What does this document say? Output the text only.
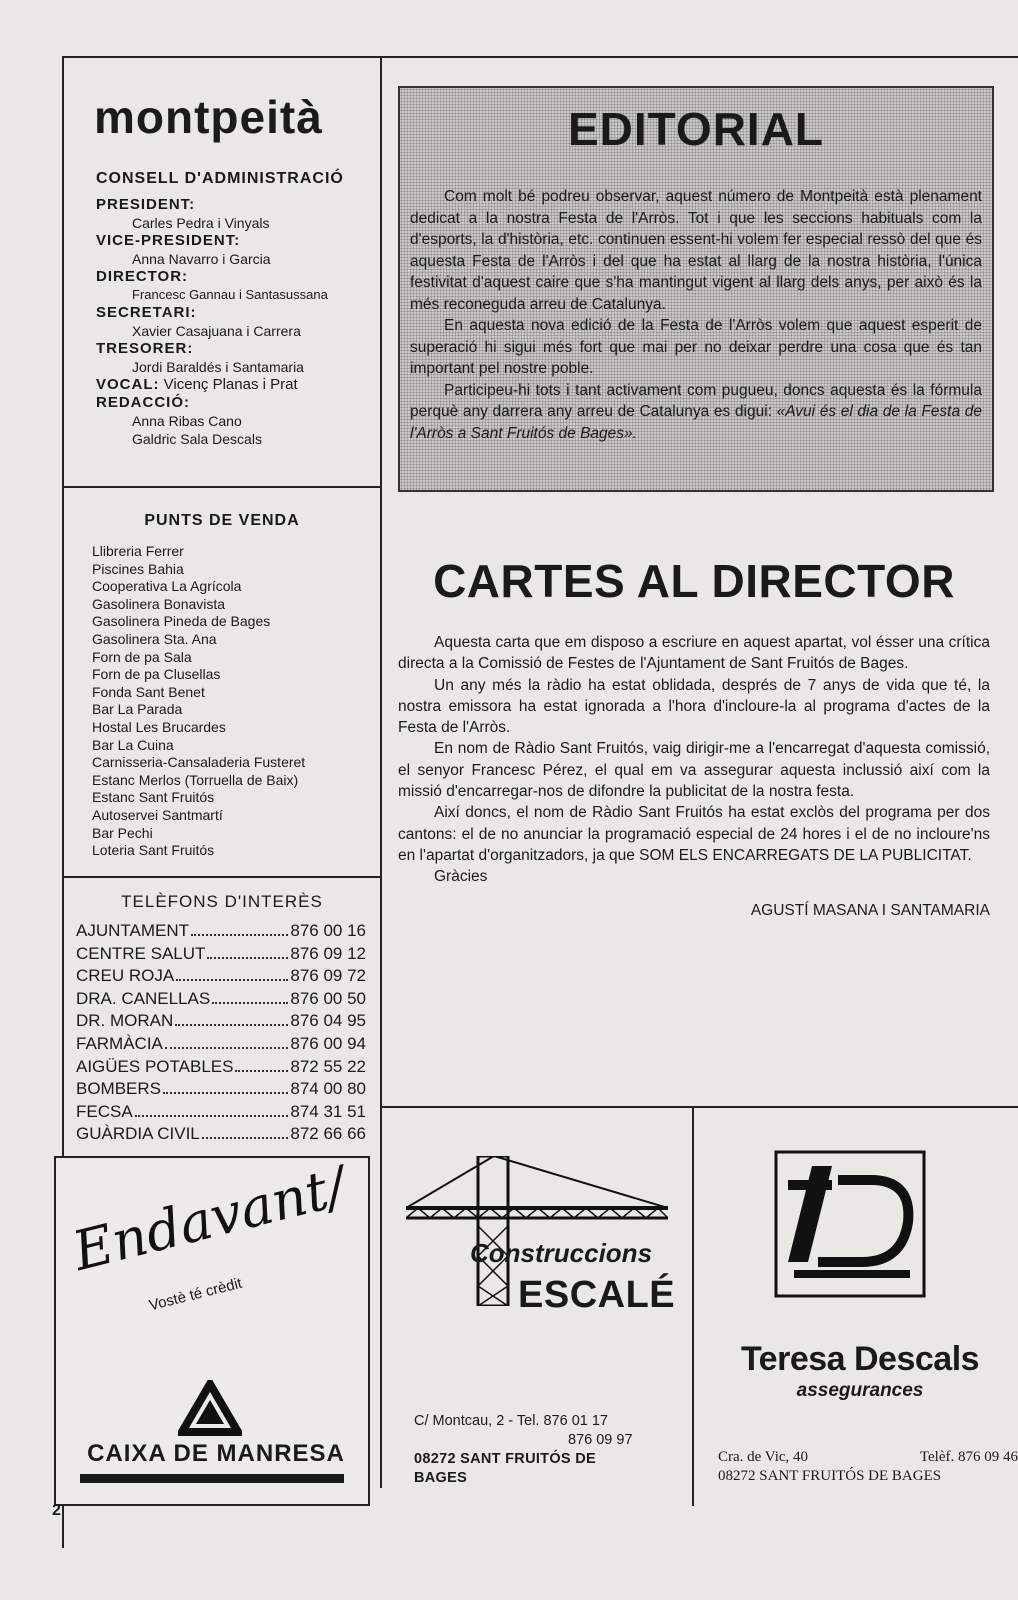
montpeità
CONSELL D'ADMINISTRACIÓ
PRESIDENT:
Carles Pedra i Vinyals
VICE-PRESIDENT:
Anna Navarro i Garcia
DIRECTOR:
Francesc Gannau i Santasussana
SECRETARI:
Xavier Casajuana i Carrera
TRESORER:
Jordi Baraldés i Santamaria
VOCAL: Vicenç Planas i Prat
REDACCIÓ:
Anna Ribas Cano
Galdric Sala Descals
PUNTS DE VENDA
Llibreria Ferrer
Piscines Bahia
Cooperativa La Agrícola
Gasolinera Bonavista
Gasolinera Pineda de Bages
Gasolinera Sta. Ana
Forn de pa Sala
Forn de pa Clusellas
Fonda Sant Benet
Bar La Parada
Hostal Les Brucardes
Bar La Cuina
Carnisseria-Cansaladeria Fusteret
Estanc Merlos (Torruella de Baix)
Estanc Sant Fruitós
Autoservei Santmartí
Bar Pechi
Loteria Sant Fruitós
TELÈFONS D'INTERÈS
AJUNTAMENT	876 00 16
CENTRE SALUT	876 09 12
CREU ROJA	876 09 72
DRA. CANELLAS	876 00 50
DR. MORAN	876 04 95
FARMÀCIA	876 00 94
AIGÜES POTABLES	872 55 22
BOMBERS	874 00 80
FECSA	874 31 51
GUÀRDIA CIVIL	872 66 66
Endavant/
Vostè té crèdit
CAIXA DE MANRESA
EDITORIAL

Com molt bé podreu observar, aquest número de Montpeità està plenament dedicat a la nostra Festa de l'Arròs. Tot i que les seccions habituals com la d'esports, la d'història, etc. continuen essent-hi volem fer especial ressò del que és aquesta Festa de l'Arròs i del que ha estat al llarg de la nostra història, l'única festivitat d'aquest caire que s'ha mantingut vigent al llarg dels anys, per això és la més reconeguda arreu de Catalunya.

En aquesta nova edició de la Festa de l'Arròs volem que aquest esperit de superació hi sigui més fort que mai per no deixar perdre una cosa que és tan important pel nostre poble.

Participeu-hi tots i tant activament com pugueu, doncs aquesta és la fórmula perquè any darrera any arreu de Catalunya es digui: «Avui és el dia de la Festa de l'Arròs a Sant Fruitós de Bages».

CARTES AL DIRECTOR

Aquesta carta que em disposo a escriure en aquest apartat, vol ésser una crítica directa a la Comissió de Festes de l'Ajuntament de Sant Fruitós de Bages.

Un any més la ràdio ha estat oblidada, després de 7 anys de vida que té, la nostra emissora ha estat ignorada a l'hora d'incloure-la al programa d'actes de la Festa de l'Arròs.

En nom de Ràdio Sant Fruitós, vaig dirigir-me a l'encarregat d'aquesta comissió, el senyor Francesc Pérez, el qual em va assegurar aquesta inclussió així com la missió d'encarregar-nos de difondre la publicitat de la nostra festa.

Així doncs, el nom de Ràdio Sant Fruitós ha estat exclòs del programa per dos cantons: el de no anunciar la programació especial de 24 hores i el de no incloure'ns en l'apartat d'organitzadors, ja que SOM ELS ENCARREGATS DE LA PUBLICITAT.

Gràcies

AGUSTÍ MASANA I SANTAMARIA
Construccions
ESCALÉ
C/ Montcau, 2 - Tel. 876 01 17
876 09 97
08272 SANT FRUITÓS DE BAGES
Teresa Descals
assegurances
Cra. de Vic, 40	Telèf. 876 09 46
08272 SANT FRUITÓS DE BAGES
2
